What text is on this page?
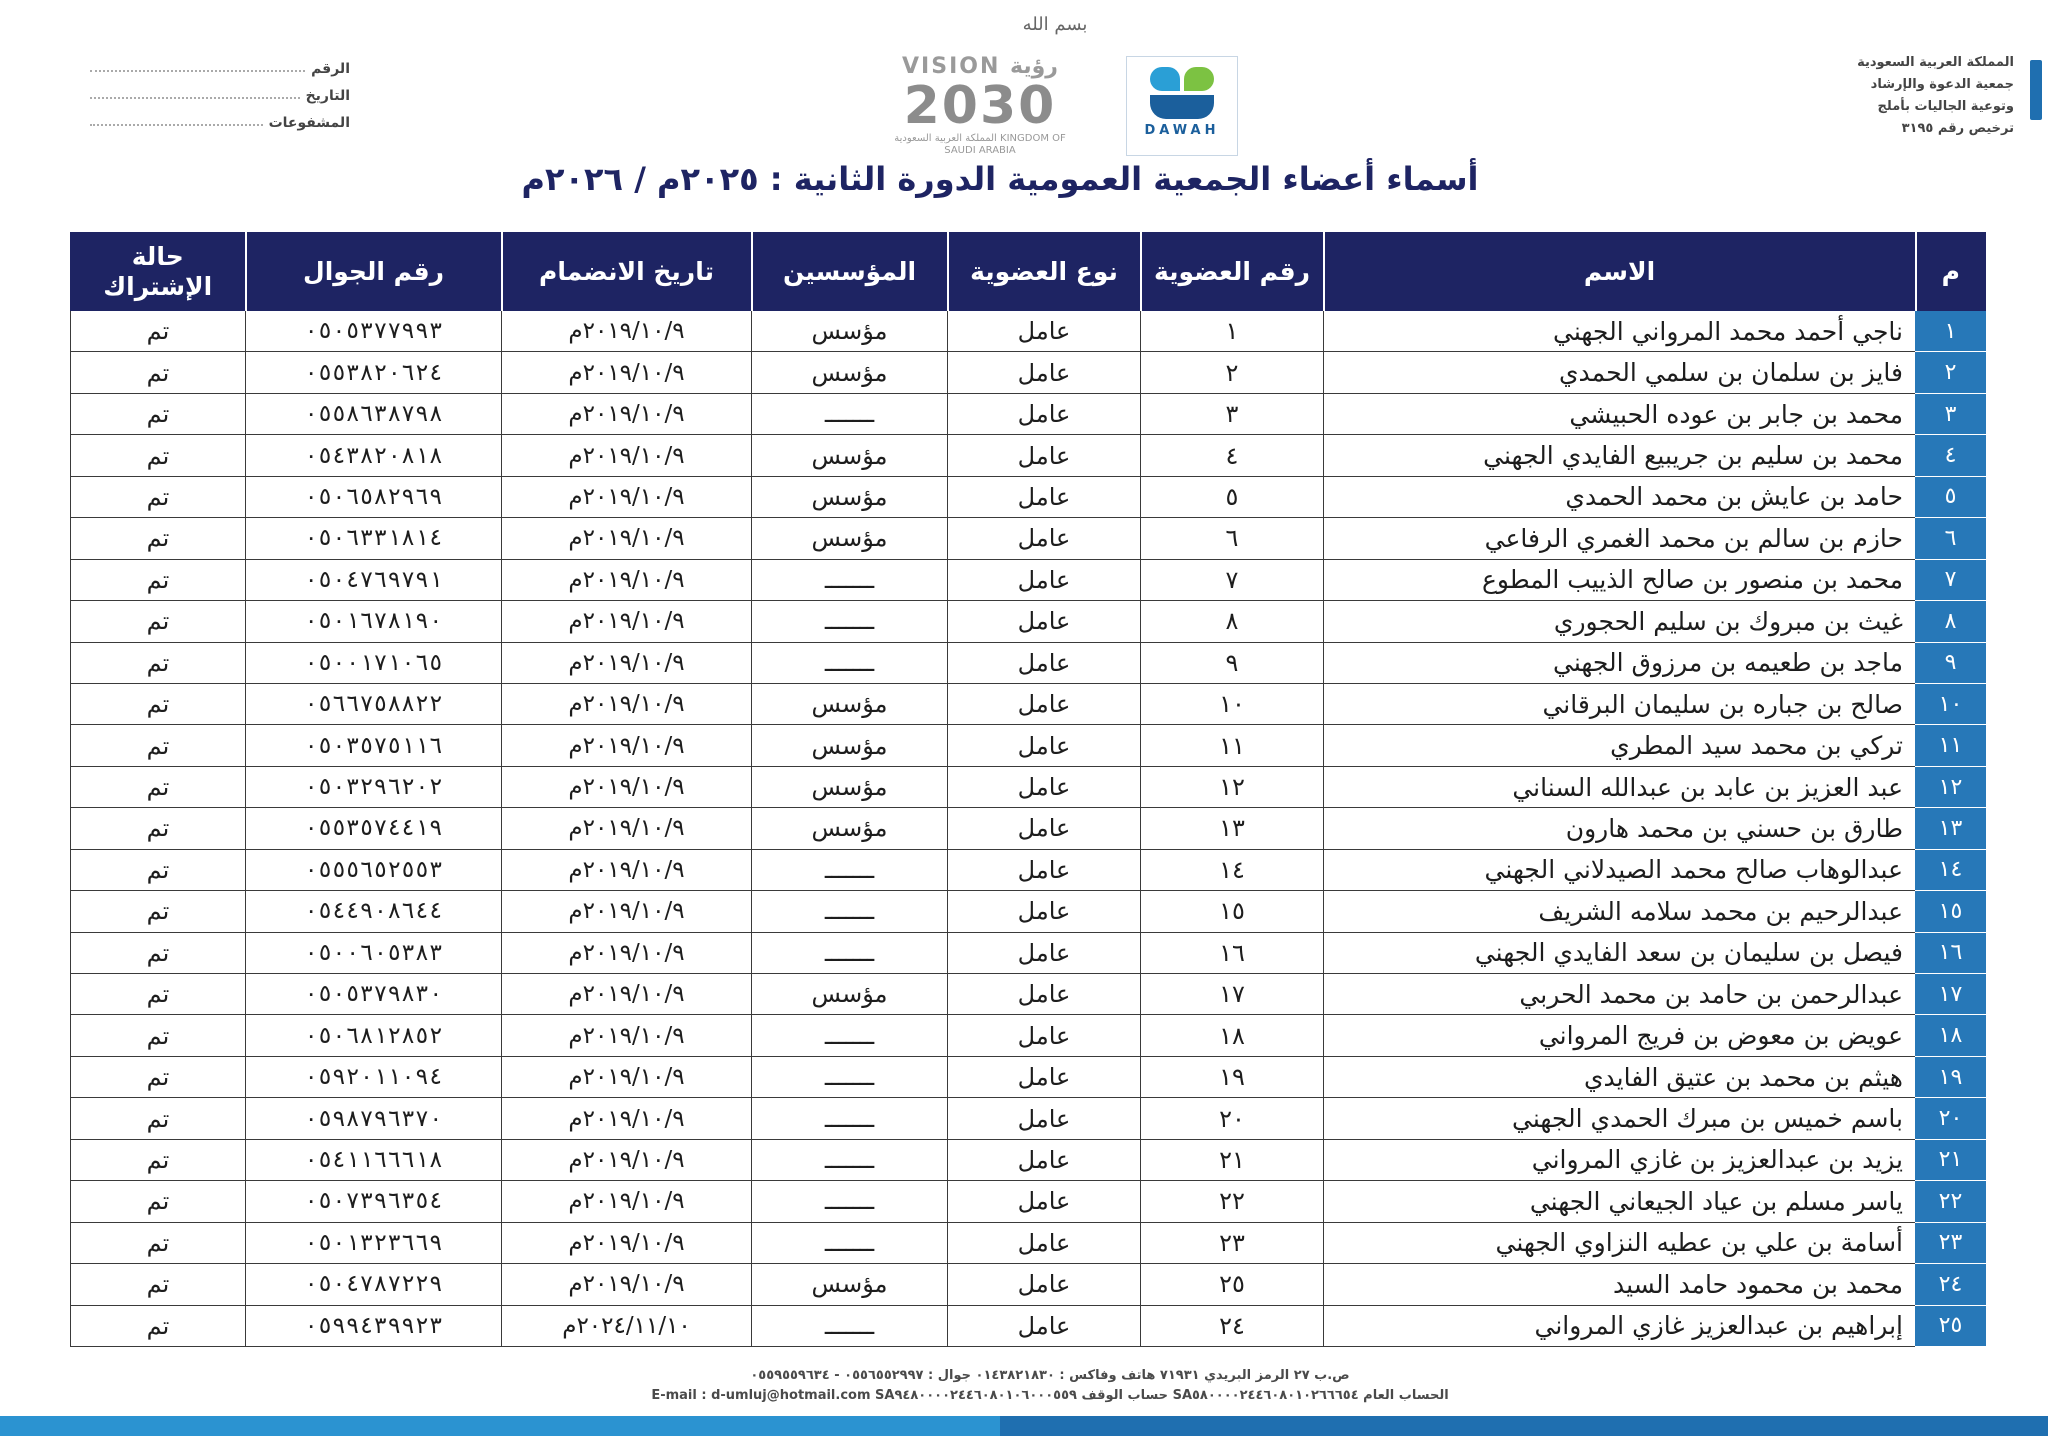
بسم الله
المملكة العربية السعودية
جمعية الدعوة والإرشاد
وتوعية الجاليات بأملج
ترخيص رقم ٣١٩٥
الرقم
التاريخ
المشفوعات
VISION رؤية
2030
المملكة العربية السعودية KINGDOM OF SAUDI ARABIA
DAWAH
أسماء أعضاء الجمعية العمومية الدورة الثانية : ٢٠٢٥م / ٢٠٢٦م
م	الاسم	رقم العضوية	نوع العضوية	المؤسسين	تاريخ الانضمام	رقم الجوال	حالة الإشتراك
١	ناجي أحمد محمد المرواني الجهني	١	عامل	مؤسس	٢٠١٩/١٠/٩م	٠٥٠٥٣٧٧٩٩٣	تم
٢	فايز بن سلمان بن سلمي الحمدي	٢	عامل	مؤسس	٢٠١٩/١٠/٩م	٠٥٥٣٨٢٠٦٢٤	تم
٣	محمد بن جابر بن عوده الحبيشي	٣	عامل	ـــــــ	٢٠١٩/١٠/٩م	٠٥٥٨٦٣٨٧٩٨	تم
٤	محمد بن سليم بن جريبيع الفايدي الجهني	٤	عامل	مؤسس	٢٠١٩/١٠/٩م	٠٥٤٣٨٢٠٨١٨	تم
٥	حامد بن عايش بن محمد الحمدي	٥	عامل	مؤسس	٢٠١٩/١٠/٩م	٠٥٠٦٥٨٢٩٦٩	تم
٦	حازم بن سالم بن محمد الغمري الرفاعي	٦	عامل	مؤسس	٢٠١٩/١٠/٩م	٠٥٠٦٣٣١٨١٤	تم
٧	محمد بن منصور بن صالح الذييب المطوع	٧	عامل	ـــــــ	٢٠١٩/١٠/٩م	٠٥٠٤٧٦٩٧٩١	تم
٨	غيث بن مبروك بن سليم الحجوري	٨	عامل	ـــــــ	٢٠١٩/١٠/٩م	٠٥٠١٦٧٨١٩٠	تم
٩	ماجد بن طعيمه بن مرزوق الجهني	٩	عامل	ـــــــ	٢٠١٩/١٠/٩م	٠٥٠٠١٧١٠٦٥	تم
١٠	صالح بن جباره بن سليمان البرقاني	١٠	عامل	مؤسس	٢٠١٩/١٠/٩م	٠٥٦٦٧٥٨٨٢٢	تم
١١	تركي بن محمد سيد المطري	١١	عامل	مؤسس	٢٠١٩/١٠/٩م	٠٥٠٣٥٧٥١١٦	تم
١٢	عبد العزيز بن عابد بن عبدالله السناني	١٢	عامل	مؤسس	٢٠١٩/١٠/٩م	٠٥٠٣٢٩٦٢٠٢	تم
١٣	طارق بن حسني بن محمد هارون	١٣	عامل	مؤسس	٢٠١٩/١٠/٩م	٠٥٥٣٥٧٤٤١٩	تم
١٤	عبدالوهاب صالح محمد الصيدلاني الجهني	١٤	عامل	ـــــــ	٢٠١٩/١٠/٩م	٠٥٥٥٦٥٢٥٥٣	تم
١٥	عبدالرحيم بن محمد سلامه الشريف	١٥	عامل	ـــــــ	٢٠١٩/١٠/٩م	٠٥٤٤٩٠٨٦٤٤	تم
١٦	فيصل بن سليمان بن سعد الفايدي الجهني	١٦	عامل	ـــــــ	٢٠١٩/١٠/٩م	٠٥٠٠٦٠٥٣٨٣	تم
١٧	عبدالرحمن بن حامد بن محمد الحربي	١٧	عامل	مؤسس	٢٠١٩/١٠/٩م	٠٥٠٥٣٧٩٨٣٠	تم
١٨	عويض بن معوض بن فريج المرواني	١٨	عامل	ـــــــ	٢٠١٩/١٠/٩م	٠٥٠٦٨١٢٨٥٢	تم
١٩	هيثم بن محمد بن عتيق الفايدي	١٩	عامل	ـــــــ	٢٠١٩/١٠/٩م	٠٥٩٢٠١١٠٩٤	تم
٢٠	باسم خميس بن مبرك الحمدي الجهني	٢٠	عامل	ـــــــ	٢٠١٩/١٠/٩م	٠٥٩٨٧٩٦٣٧٠	تم
٢١	يزيد بن عبدالعزيز بن غازي المرواني	٢١	عامل	ـــــــ	٢٠١٩/١٠/٩م	٠٥٤١١٦٦٦١٨	تم
٢٢	ياسر مسلم بن عياد الجيعاني الجهني	٢٢	عامل	ـــــــ	٢٠١٩/١٠/٩م	٠٥٠٧٣٩٦٣٥٤	تم
٢٣	أسامة بن علي بن عطيه النزاوي الجهني	٢٣	عامل	ـــــــ	٢٠١٩/١٠/٩م	٠٥٠١٣٢٣٦٦٩	تم
٢٤	محمد بن محمود حامد السيد	٢٥	عامل	مؤسس	٢٠١٩/١٠/٩م	٠٥٠٤٧٨٧٢٢٩	تم
٢٥	إبراهيم بن عبدالعزيز غازي المرواني	٢٤	عامل	ـــــــ	٢٠٢٤/١١/١٠م	٠٥٩٩٤٣٩٩٢٣	تم
ص.ب ٢٧ الرمز البريدي ٧١٩٣١ هاتف وفاكس : ٠١٤٣٨٢١٨٣٠ جوال : ٠٥٥٦٥٥٢٩٩٧ - ٠٥٥٩٥٥٩٦٣٤
الحساب العام SA٥٨٠٠٠٠٢٤٤٦٠٨٠١٠٢٦٦٦٥٤ حساب الوقف SA٩٤٨٠٠٠٠٢٤٤٦٠٨٠١٠٦٠٠٠٥٥٩ E-mail : d-umluj@hotmail.com
